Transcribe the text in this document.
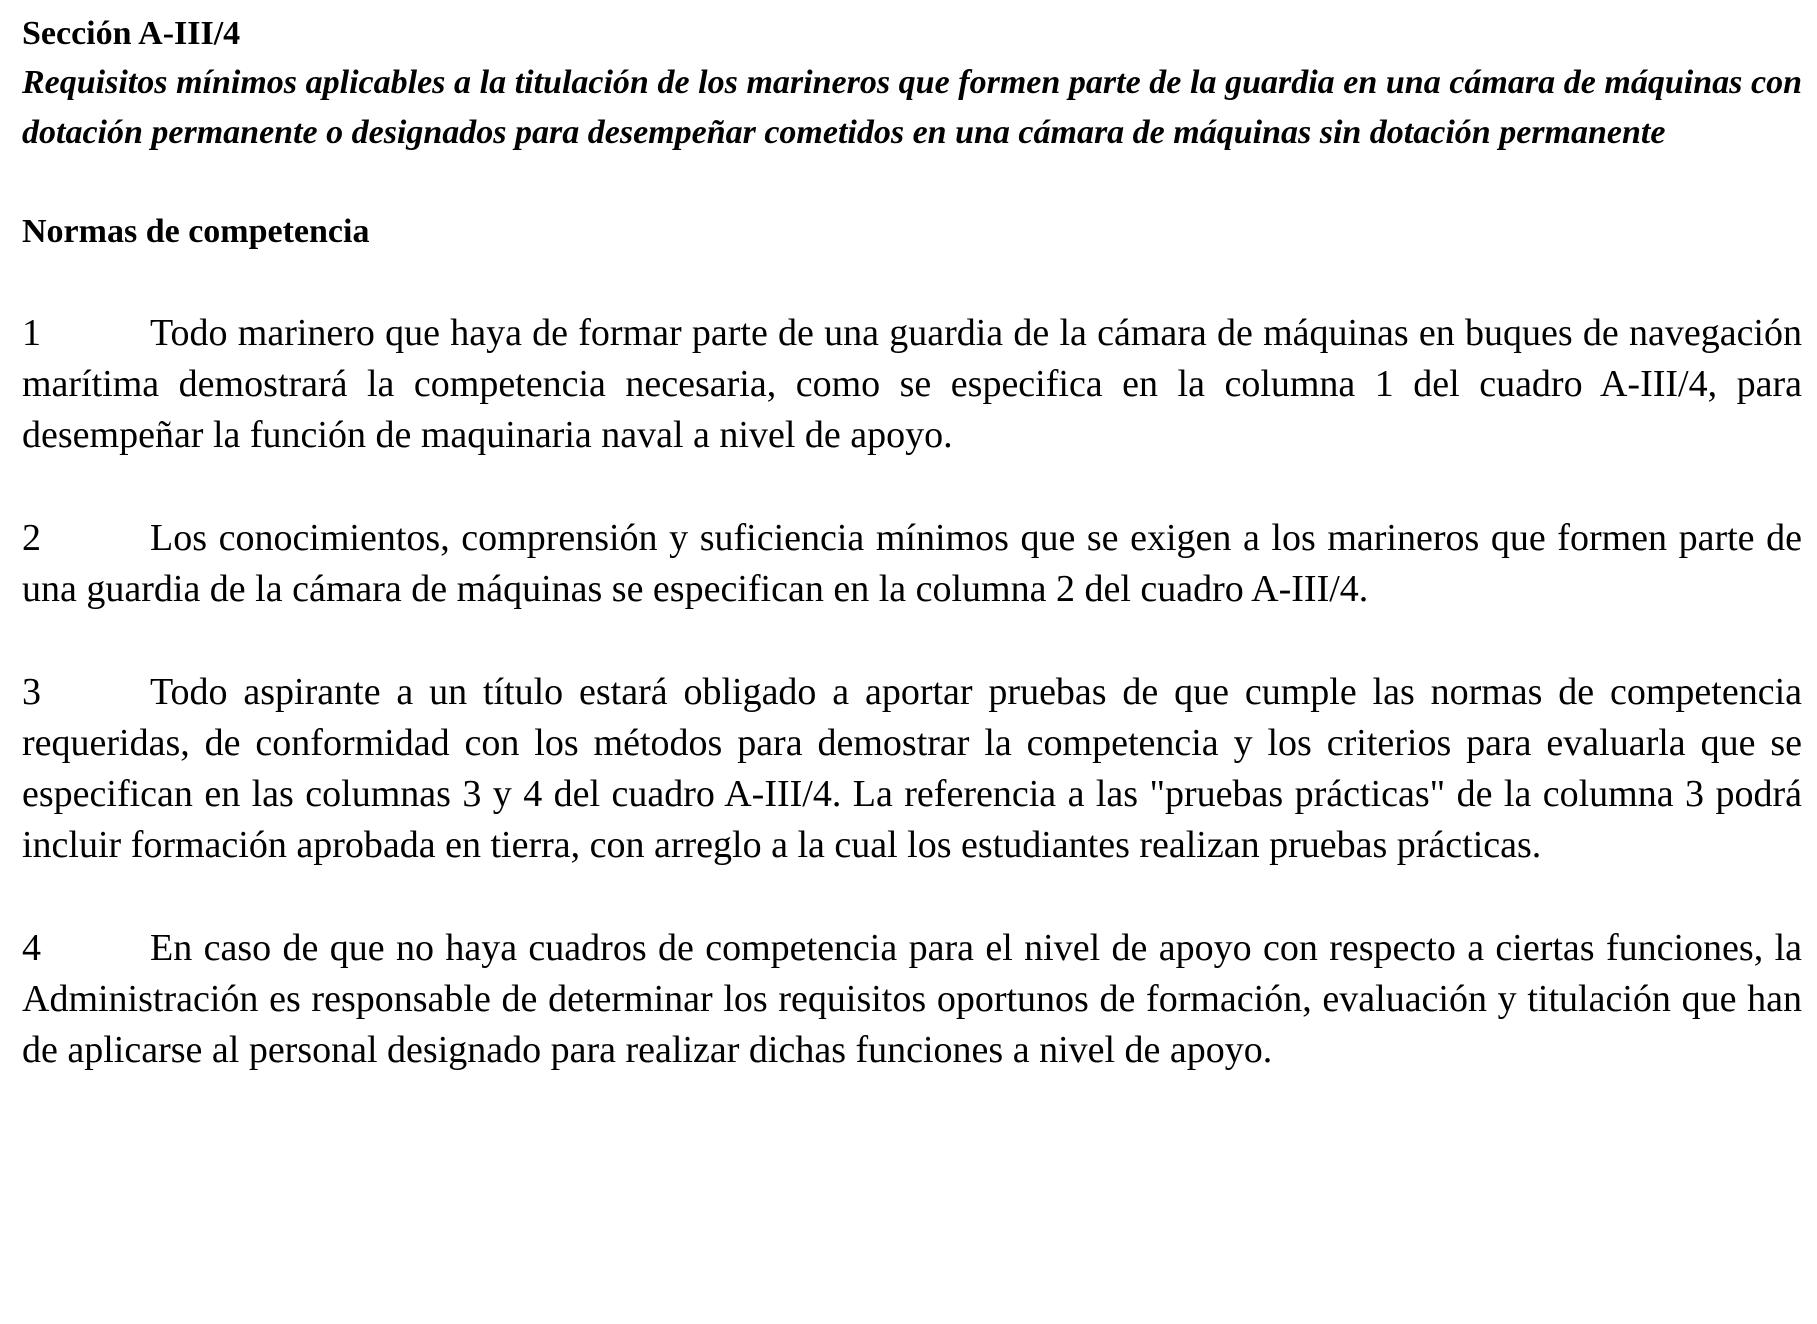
Sección A-III/4
Requisitos mínimos aplicables a la titulación de los marineros que formen parte de la guardia en una cámara de máquinas con dotación permanente o designados para desempeñar cometidos en una cámara de máquinas sin dotación permanente
Normas de competencia

1	Todo marinero que haya de formar parte de una guardia de la cámara de máquinas en buques de navegación marítima demostrará la competencia necesaria, como se especifica en la columna 1 del cuadro A-III/4, para desempeñar la función de maquinaria naval a nivel de apoyo.

2	Los conocimientos, comprensión y suficiencia mínimos que se exigen a los marineros que formen parte de una guardia de la cámara de máquinas se especifican en la columna 2 del cuadro A-III/4.

3	Todo aspirante a un título estará obligado a aportar pruebas de que cumple las normas de competencia requeridas, de conformidad con los métodos para demostrar la competencia y los criterios para evaluarla que se especifican en las columnas 3 y 4 del cuadro A-III/4. La referencia a las "pruebas prácticas" de la columna 3 podrá incluir formación aprobada en tierra, con arreglo a la cual los estudiantes realizan pruebas prácticas.

4	En caso de que no haya cuadros de competencia para el nivel de apoyo con respecto a ciertas funciones, la Administración es responsable de determinar los requisitos oportunos de formación, evaluación y titulación que han de aplicarse al personal designado para realizar dichas funciones a nivel de apoyo.
